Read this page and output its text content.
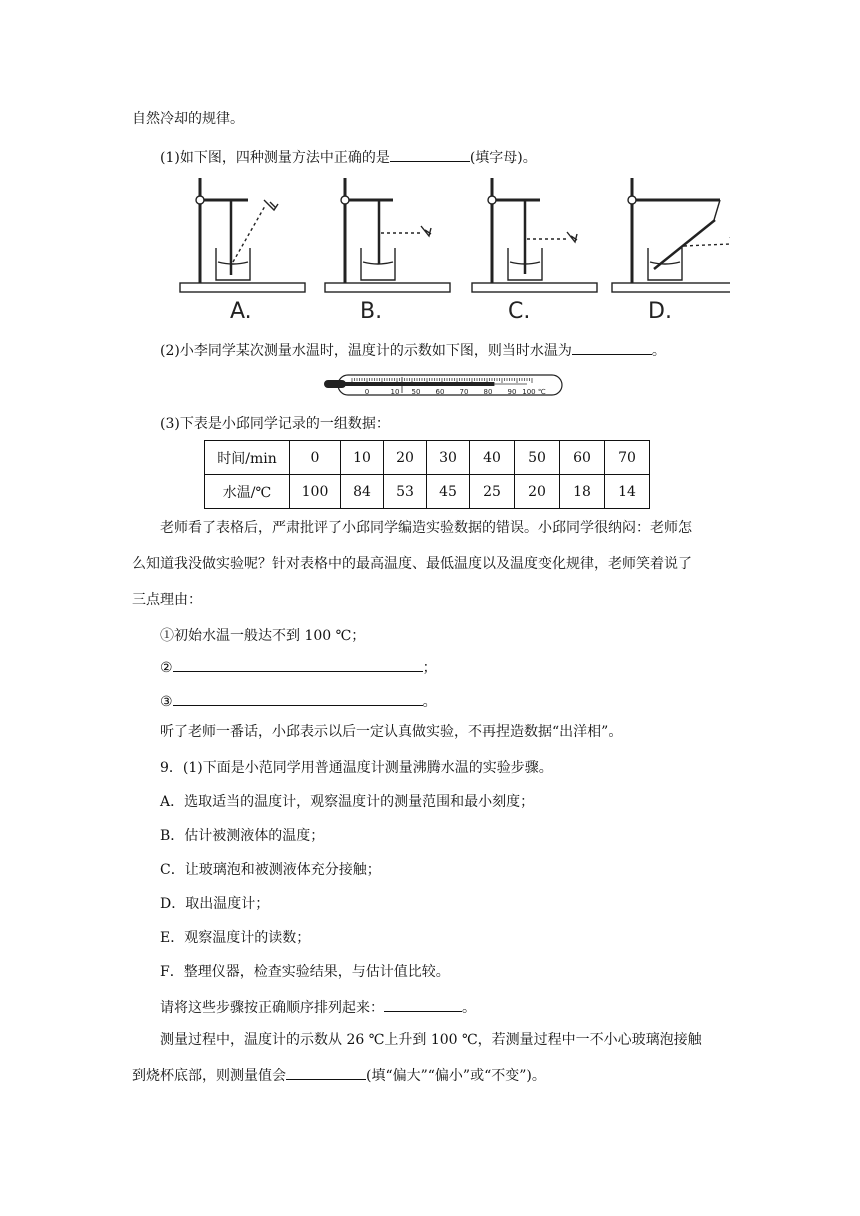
自然冷却的规律。
(1)如下图，四种测量方法中正确的是	(填字母)。
A.	B.	C.	D.
(2)小李同学某次测量水温时，温度计的示数如下图，则当时水温为	。
0	10 50 60 70 80 90 100 ℃
(3)下表是小邱同学记录的一组数据：
时间/min	0	10	20	30	40	50	60	70
水温/℃	100	84	53	45	25	20	18	14
老师看了表格后，严肃批评了小邱同学编造实验数据的错误。小邱同学很纳闷：老师怎
么知道我没做实验呢？针对表格中的最高温度、最低温度以及温度变化规律，老师笑着说了
三点理由：
①初始水温一般达不到 100 ℃；
②	；
③	。
听了老师一番话，小邱表示以后一定认真做实验，不再捏造数据“出洋相”。
9．(1)下面是小范同学用普通温度计测量沸腾水温的实验步骤。
A．选取适当的温度计，观察温度计的测量范围和最小刻度；
B．估计被测液体的温度；
C．让玻璃泡和被测液体充分接触；
D．取出温度计；
E．观察温度计的读数；
F．整理仪器，检查实验结果，与估计值比较。
请将这些步骤按正确顺序排列起来：	。
测量过程中，温度计的示数从 26 ℃上升到 100 ℃，若测量过程中一不小心玻璃泡接触
到烧杯底部，则测量值会	(填“偏大”“偏小”或“不变”)。
